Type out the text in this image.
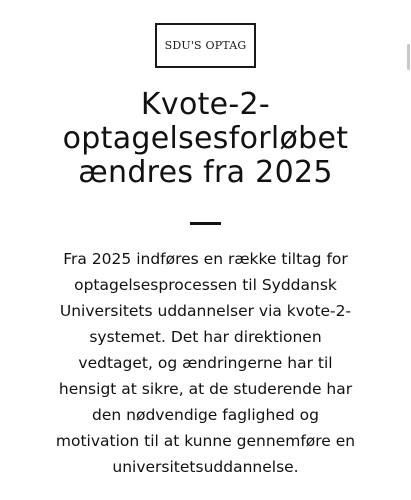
SDU'S OPTAG
Kvote-2-
optagelsesforløbet
ændres fra 2025

Fra 2025 indføres en række tiltag for
optagelsesprocessen til Syddansk
Universitets uddannelser via kvote-2-
systemet. Det har direktionen
vedtaget, og ændringerne har til
hensigt at sikre, at de studerende har
den nødvendige faglighed og
motivation til at kunne gennemføre en
universitetsuddannelse.
